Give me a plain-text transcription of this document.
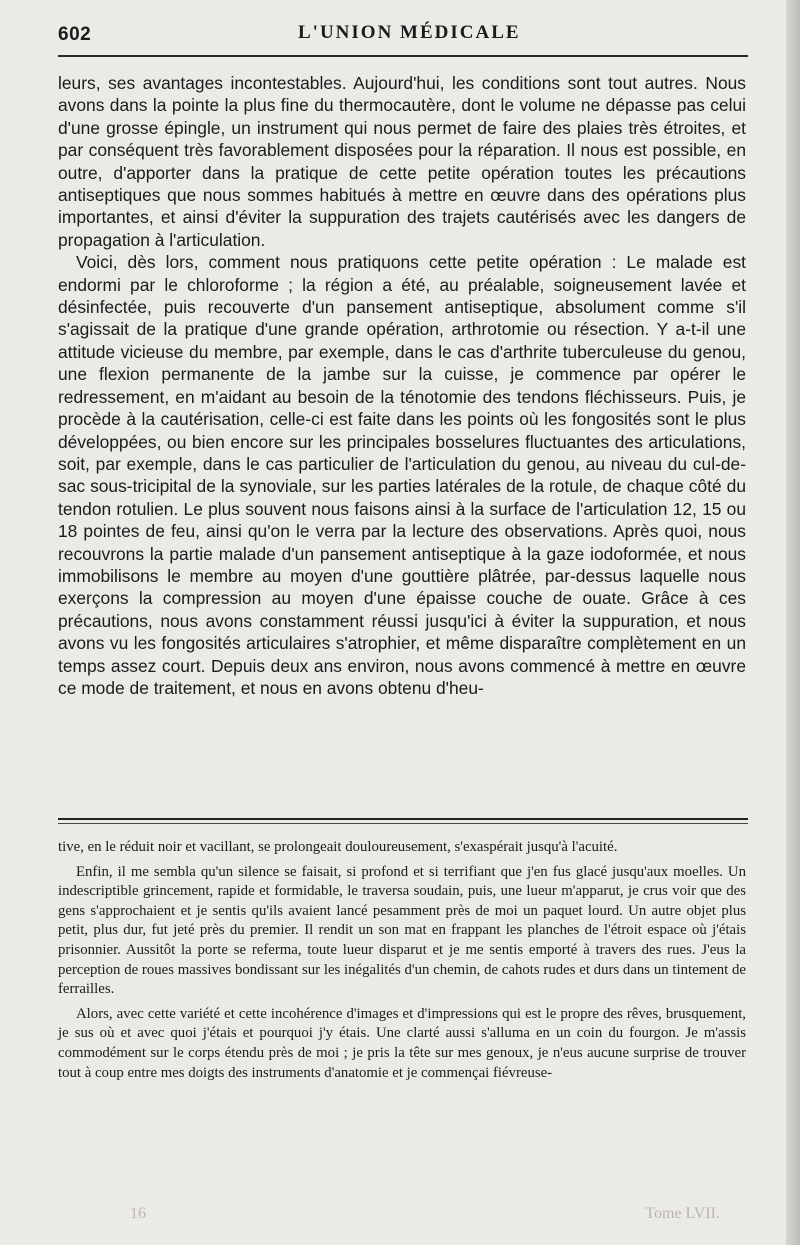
602	L'UNION MÉDICALE

leurs, ses avantages incontestables. Aujourd'hui, les conditions sont tout autres. Nous avons dans la pointe la plus fine du thermocautère, dont le volume ne dépasse pas celui d'une grosse épingle, un instrument qui nous permet de faire des plaies très étroites, et par conséquent très favorablement disposées pour la réparation. Il nous est possible, en outre, d'apporter dans la pratique de cette petite opération toutes les précautions antiseptiques que nous sommes habitués à mettre en œuvre dans des opérations plus importantes, et ainsi d'éviter la suppuration des trajets cautérisés avec les dangers de propagation à l'articulation.

Voici, dès lors, comment nous pratiquons cette petite opération : Le malade est endormi par le chloroforme ; la région a été, au préalable, soigneusement lavée et désinfectée, puis recouverte d'un pansement antiseptique, absolument comme s'il s'agissait de la pratique d'une grande opération, arthrotomie ou résection. Y a-t-il une attitude vicieuse du membre, par exemple, dans le cas d'arthrite tuberculeuse du genou, une flexion permanente de la jambe sur la cuisse, je commence par opérer le redressement, en m'aidant au besoin de la ténotomie des tendons fléchisseurs. Puis, je procède à la cautérisation, celle-ci est faite dans les points où les fongosités sont le plus développées, ou bien encore sur les principales bosselures fluctuantes des articulations, soit, par exemple, dans le cas particulier de l'articulation du genou, au niveau du cul-de-sac sous-tricipital de la synoviale, sur les parties latérales de la rotule, de chaque côté du tendon rotulien. Le plus souvent nous faisons ainsi à la surface de l'articulation 12, 15 ou 18 pointes de feu, ainsi qu'on le verra par la lecture des observations. Après quoi, nous recouvrons la partie malade d'un pansement antiseptique à la gaze iodoformée, et nous immobilisons le membre au moyen d'une gouttière plâtrée, par-dessus laquelle nous exerçons la compression au moyen d'une épaisse couche de ouate. Grâce à ces précautions, nous avons constamment réussi jusqu'ici à éviter la suppuration, et nous avons vu les fongosités articulaires s'atrophier, et même disparaître complètement en un temps assez court. Depuis deux ans environ, nous avons commencé à mettre en œuvre ce mode de traitement, et nous en avons obtenu d'heu-

tive, en le réduit noir et vacillant, se prolongeait douloureusement, s'exaspérait jusqu'à l'acuité.

Enfin, il me sembla qu'un silence se faisait, si profond et si terrifiant que j'en fus glacé jusqu'aux moelles. Un indescriptible grincement, rapide et formidable, le traversa soudain, puis, une lueur m'apparut, je crus voir que des gens s'approchaient et je sentis qu'ils avaient lancé pesamment près de moi un paquet lourd. Un autre objet plus petit, plus dur, fut jeté près du premier. Il rendit un son mat en frappant les planches de l'étroit espace où j'étais prisonnier. Aussitôt la porte se referma, toute lueur disparut et je me sentis emporté à travers des rues. J'eus la perception de roues massives bondissant sur les inégalités d'un chemin, de cahots rudes et durs dans un tintement de ferrailles.

Alors, avec cette variété et cette incohérence d'images et d'impressions qui est le propre des rêves, brusquement, je sus où et avec quoi j'étais et pourquoi j'y étais. Une clarté aussi s'alluma en un coin du fourgon. Je m'assis commodément sur le corps étendu près de moi ; je pris la tête sur mes genoux, je n'eus aucune surprise de trouver tout à coup entre mes doigts des instruments d'anatomie et je commençai fiévreuse-

16	Tome LVII.
